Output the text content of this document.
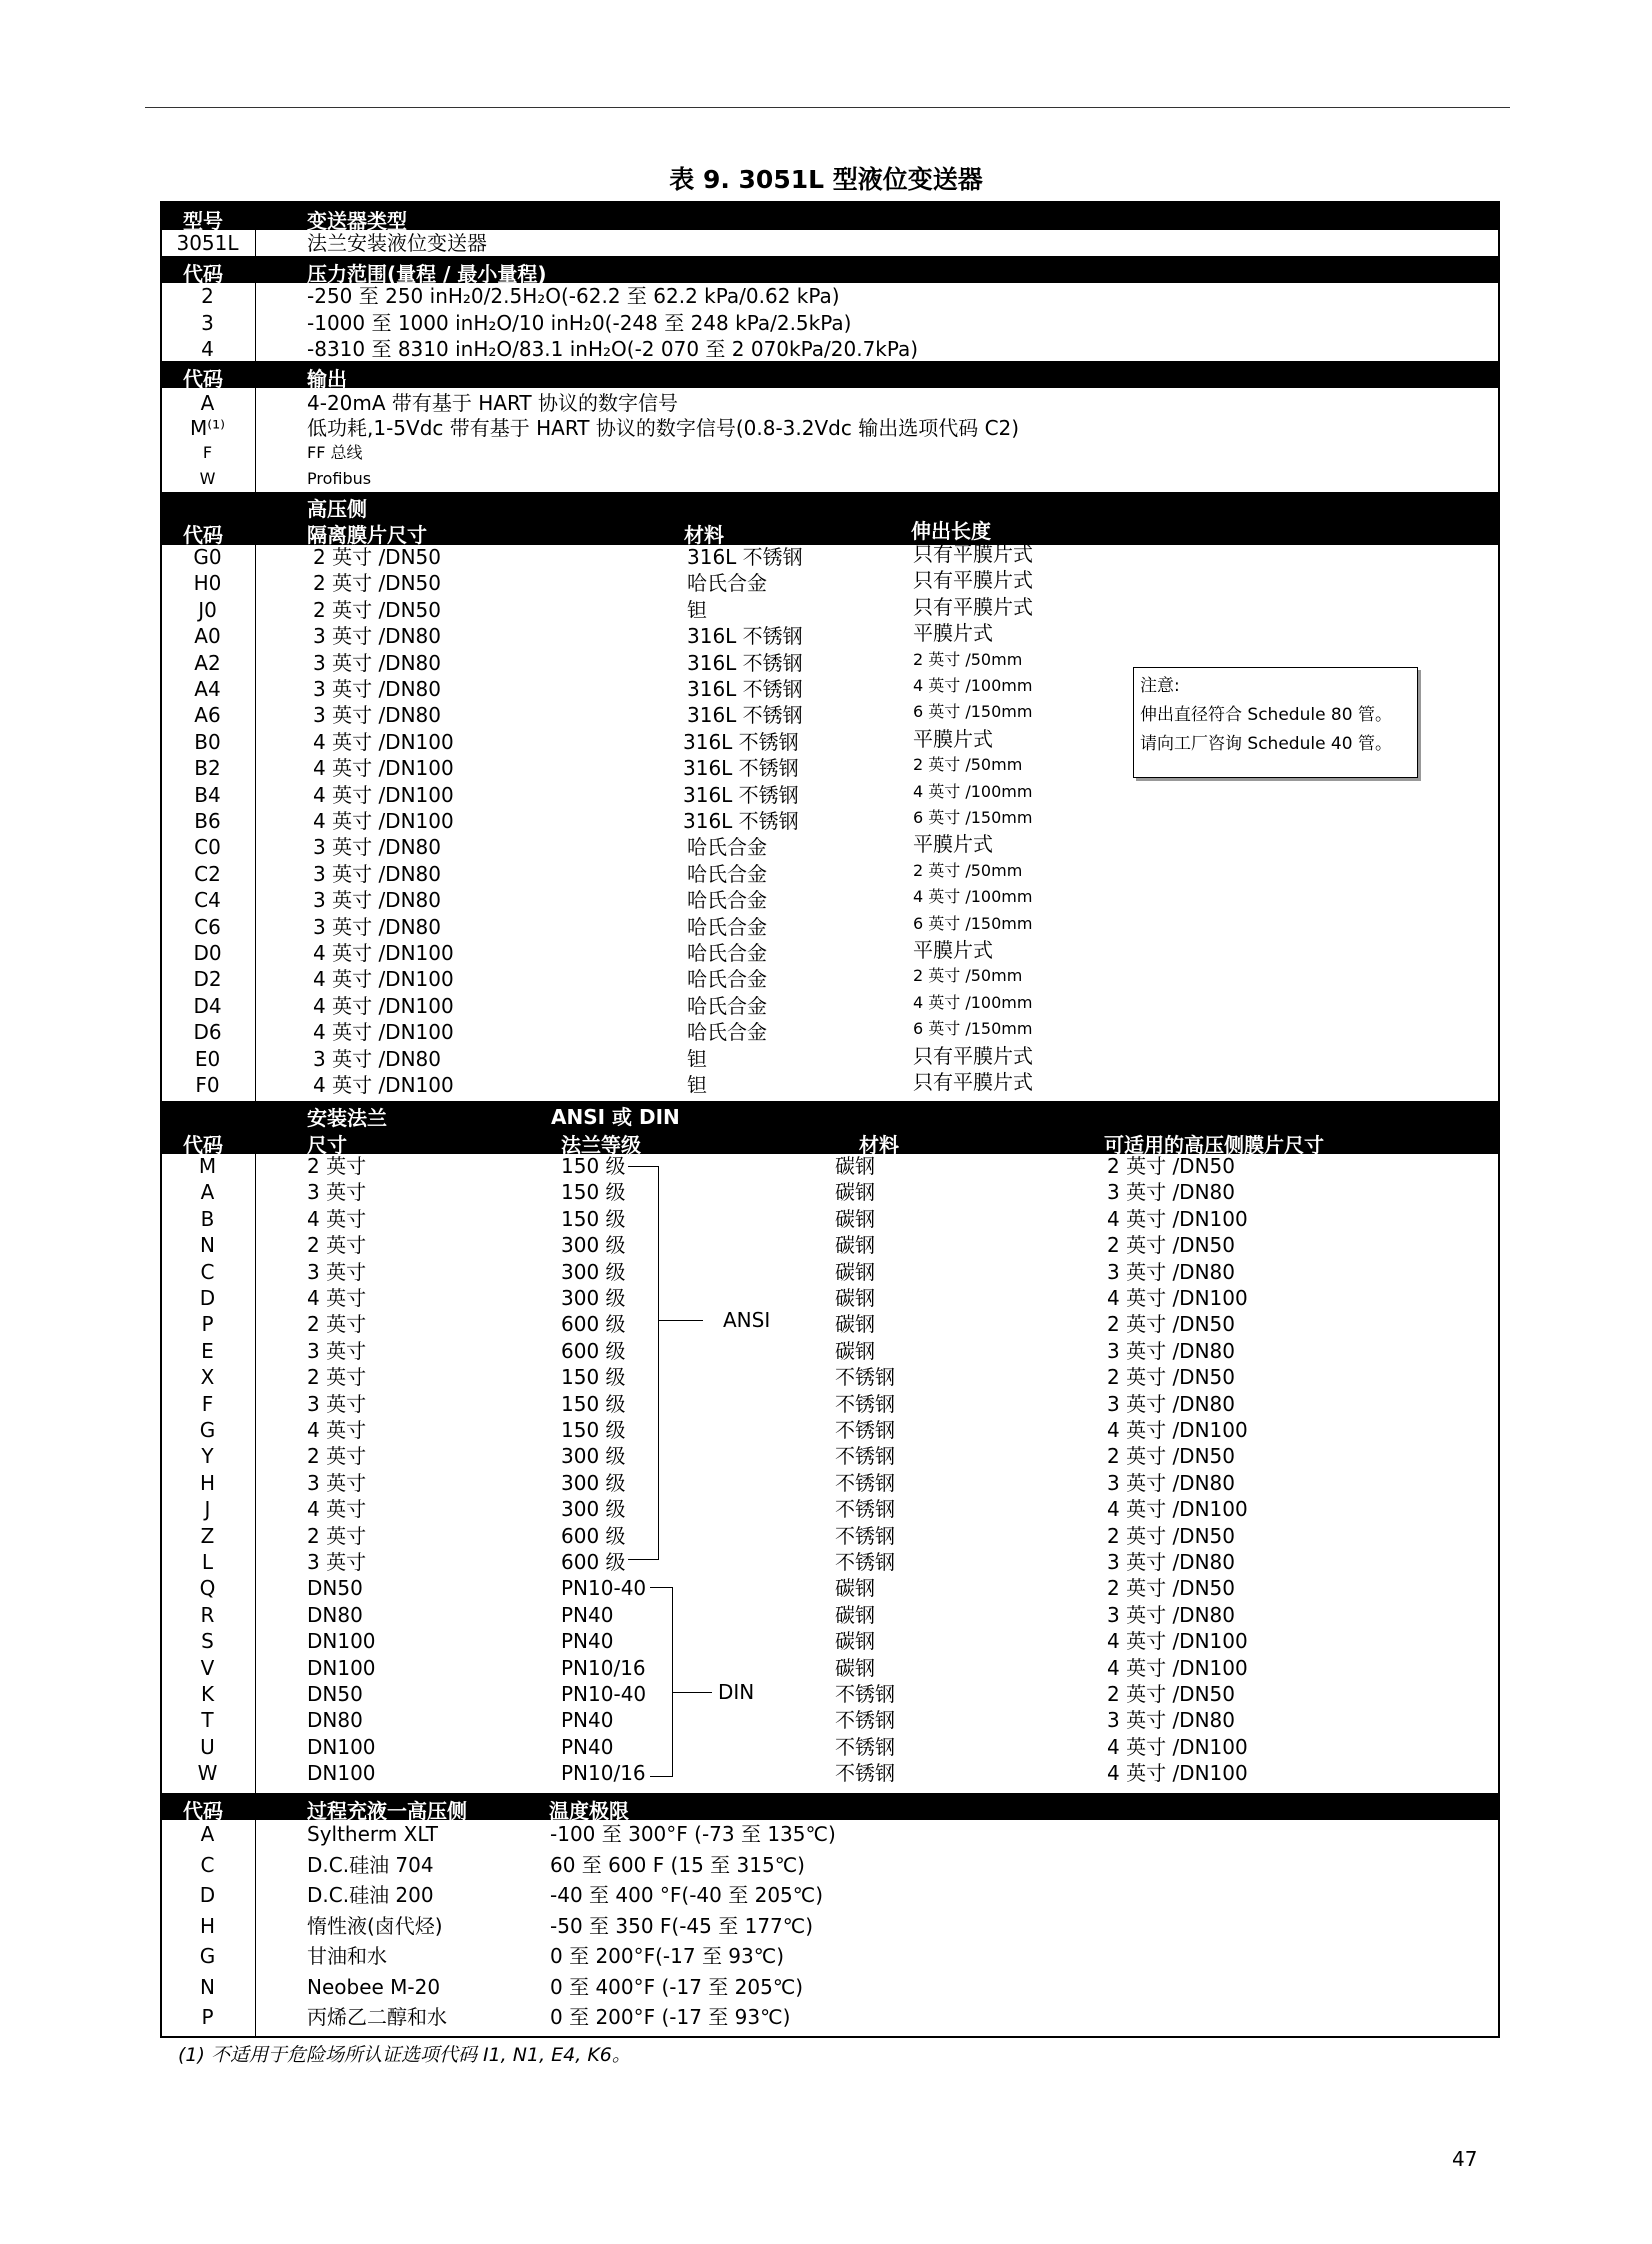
表 9. 3051L 型液位变送器
型号	变送器类型
3051L	法兰安装液位变送器
代码	压力范围(量程 / 最小量程)
2	-250 至 250 inH₂0/2.5H₂O(-62.2 至 62.2 kPa/0.62 kPa)
3	-1000 至 1000 inH₂O/10 inH₂0(-248 至 248 kPa/2.5kPa)
4	-8310 至 8310 inH₂O/83.1 inH₂O(-2 070 至 2 070kPa/20.7kPa)
代码	输出
A	4-20mA 带有基于 HART 协议的数字信号
M⁽¹⁾	低功耗,1-5Vdc 带有基于 HART 协议的数字信号(0.8-3.2Vdc 输出选项代码 C2)
F	FF 总线
W	Profibus
高压侧
代码	隔离膜片尺寸	材料	伸出长度
G0	2 英寸 /DN50	316L 不锈钢	只有平膜片式
H0	2 英寸 /DN50	哈氏合金	只有平膜片式
J0	2 英寸 /DN50	钽	只有平膜片式
A0	3 英寸 /DN80	316L 不锈钢	平膜片式
A2	3 英寸 /DN80	316L 不锈钢	2 英寸 /50mm
A4	3 英寸 /DN80	316L 不锈钢	4 英寸 /100mm
A6	3 英寸 /DN80	316L 不锈钢	6 英寸 /150mm
B0	4 英寸 /DN100	316L 不锈钢	平膜片式
B2	4 英寸 /DN100	316L 不锈钢	2 英寸 /50mm
B4	4 英寸 /DN100	316L 不锈钢	4 英寸 /100mm
B6	4 英寸 /DN100	316L 不锈钢	6 英寸 /150mm
C0	3 英寸 /DN80	哈氏合金	平膜片式
C2	3 英寸 /DN80	哈氏合金	2 英寸 /50mm
C4	3 英寸 /DN80	哈氏合金	4 英寸 /100mm
C6	3 英寸 /DN80	哈氏合金	6 英寸 /150mm
D0	4 英寸 /DN100	哈氏合金	平膜片式
D2	4 英寸 /DN100	哈氏合金	2 英寸 /50mm
D4	4 英寸 /DN100	哈氏合金	4 英寸 /100mm
D6	4 英寸 /DN100	哈氏合金	6 英寸 /150mm
E0	3 英寸 /DN80	钽	只有平膜片式
F0	4 英寸 /DN100	钽	只有平膜片式
注意:
伸出直径符合 Schedule 80 管。
请向工厂咨询 Schedule 40 管。
安装法兰	ANSI 或 DIN
代码	尺寸	法兰等级	材料	可适用的高压侧膜片尺寸
M	2 英寸	150 级	碳钢	2 英寸 /DN50
A	3 英寸	150 级	碳钢	3 英寸 /DN80
B	4 英寸	150 级	碳钢	4 英寸 /DN100
N	2 英寸	300 级	碳钢	2 英寸 /DN50
C	3 英寸	300 级	碳钢	3 英寸 /DN80
D	4 英寸	300 级	碳钢	4 英寸 /DN100
P	2 英寸	600 级	碳钢	2 英寸 /DN50
E	3 英寸	600 级	碳钢	3 英寸 /DN80
X	2 英寸	150 级	不锈钢	2 英寸 /DN50
F	3 英寸	150 级	不锈钢	3 英寸 /DN80
G	4 英寸	150 级	不锈钢	4 英寸 /DN100
Y	2 英寸	300 级	不锈钢	2 英寸 /DN50
H	3 英寸	300 级	不锈钢	3 英寸 /DN80
J	4 英寸	300 级	不锈钢	4 英寸 /DN100
Z	2 英寸	600 级	不锈钢	2 英寸 /DN50
L	3 英寸	600 级	不锈钢	3 英寸 /DN80
Q	DN50	PN10-40	碳钢	2 英寸 /DN50
R	DN80	PN40	碳钢	3 英寸 /DN80
S	DN100	PN40	碳钢	4 英寸 /DN100
V	DN100	PN10/16	碳钢	4 英寸 /DN100
K	DN50	PN10-40	不锈钢	2 英寸 /DN50
T	DN80	PN40	不锈钢	3 英寸 /DN80
U	DN100	PN40	不锈钢	4 英寸 /DN100
W	DN100	PN10/16	不锈钢	4 英寸 /DN100
ANSI
DIN
代码	过程充液一高压侧	温度极限
A	Syltherm XLT	-100 至 300°F (-73 至 135℃)
C	D.C.硅油 704	60 至 600 F (15 至 315℃)
D	D.C.硅油 200	-40 至 400 °F(-40 至 205℃)
H	惰性液(卤代烃)	-50 至 350 F(-45 至 177℃)
G	甘油和水	0 至 200°F(-17 至 93℃)
N	Neobee M-20	0 至 400°F (-17 至 205℃)
P	丙烯乙二醇和水	0 至 200°F (-17 至 93℃)
(1) 不适用于危险场所认证选项代码 I1, N1, E4, K6。
47
